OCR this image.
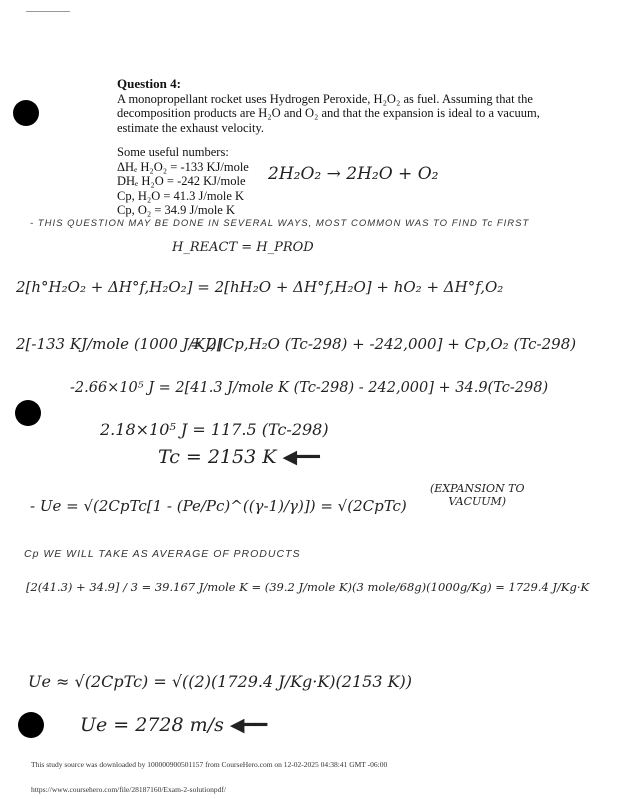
Question 4:
A monopropellant rocket uses Hydrogen Peroxide, H₂O₂ as fuel. Assuming that the
decomposition products are H₂O and O₂ and that the expansion is ideal to a vacuum,
estimate the exhaust velocity.
Some useful numbers:
ΔHₑ H₂O₂ = -133 KJ/mole
DHₑ H₂O = -242 KJ/mole
Cp, H₂O = 41.3 J/mole K
Cp, O₂ = 34.9 J/mole K
2H₂O₂ → 2H₂O + O₂
- THIS QUESTION MAY BE DONE IN SEVERAL WAYS, MOST COMMON WAS TO FIND Tc FIRST
H_REACT = H_PROD
2[h°H₂O₂ + ΔH°f,H₂O₂] = 2[hH₂O + ΔH°f,H₂O] + hO₂ + ΔH°f,O₂
2[-133 KJ/mole (1000 J/KJ)]
= 2[Cp,H₂O (Tc-298) + -242,000] + Cp,O₂ (Tc-298)
-2.66×10⁵ J = 2[41.3 J/mole K (Tc-298) - 242,000] + 34.9(Tc-298)
2.18×10⁵ J = 117.5 (Tc-298)
Tc = 2153 K ◀━━
- Ue = √(2CpTc[1 - (Pe/Pc)^((γ-1)/γ)]) = √(2CpTc)
(EXPANSION TO
VACUUM)
Cp WE WILL TAKE AS AVERAGE OF PRODUCTS
[2(41.3) + 34.9] / 3 = 39.167 J/mole K = (39.2 J/mole K)(3 mole/68g)(1000g/Kg) = 1729.4 J/Kg·K
Ue ≈ √(2CpTc) = √((2)(1729.4 J/Kg·K)(2153 K))
Ue = 2728 m/s ◀━━
This study source was downloaded by 100000900501157 from CourseHero.com on 12-02-2025 04:38:41 GMT -06:00
https://www.coursehero.com/file/28187160/Exam-2-solutionpdf/
